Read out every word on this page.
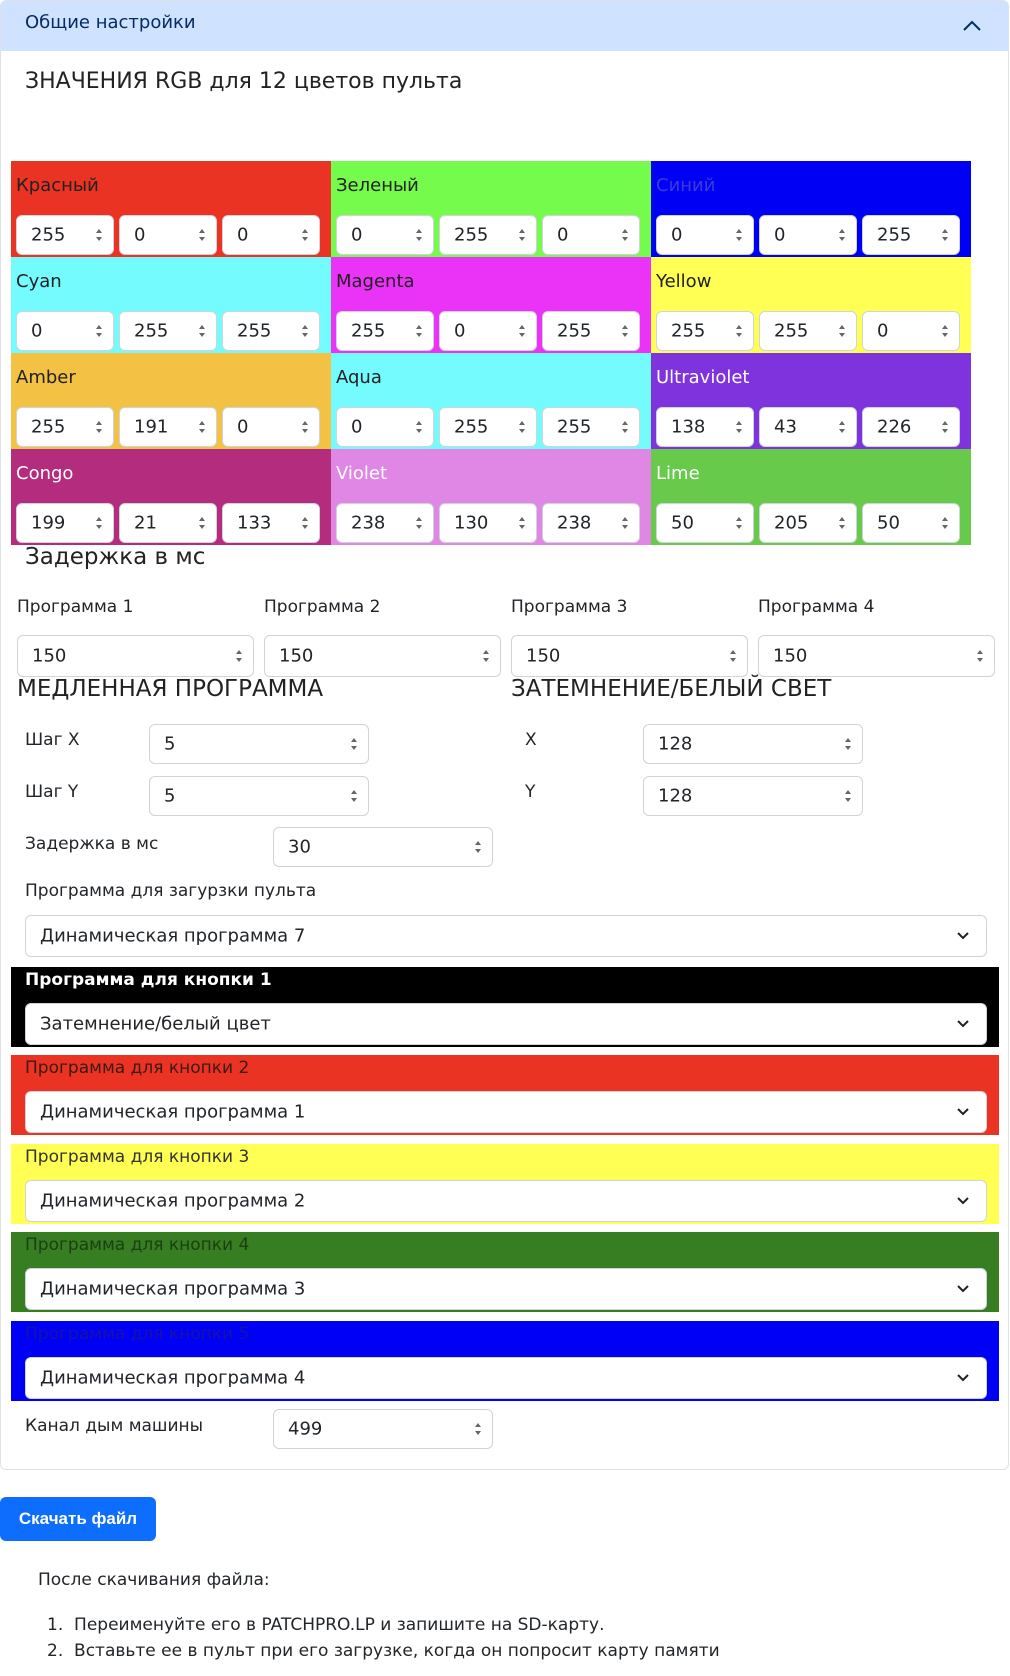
Общие настройки
ЗНАЧЕНИЯ RGB для 12 цветов пульта
Красный
255	0	0
Зеленый
0	255	0
Синий
0	0	255
Cyan
0	255	255
Magenta
255	0	255
Yellow
255	255	0
Amber
255	191	0
Aqua
0	255	255
Ultraviolet
138	43	226
Congo
199	21	133
Violet
238	130	238
Lime
50	205	50
Задержка в мс
Программа 1	Программа 2	Программа 3	Программа 4
150	150	150	150
МЕДЛЕННАЯ ПРОГРАММА	ЗАТЕМНЕНИЕ/БЕЛЫЙ СВЕТ
Шаг X	5
Шаг Y	5
X	128
Y	128
Задержка в мс	30
Программа для загурзки пульта
Динамическая программа 7
Программа для кнопки 1
Затемнение/белый цвет
Программа для кнопки 2
Динамическая программа 1
Программа для кнопки 3
Динамическая программа 2
Программа для кнопки 4
Динамическая программа 3
Программа для кнопки 5
Динамическая программа 4
Канал дым машины	499
Скачать файл
После скачивания файла:
1.  Переименуйте его в PATCHPRO.LP и запишите на SD-карту.
2.  Вставьте ее в пульт при его загрузке, когда он попросит карту памяти
